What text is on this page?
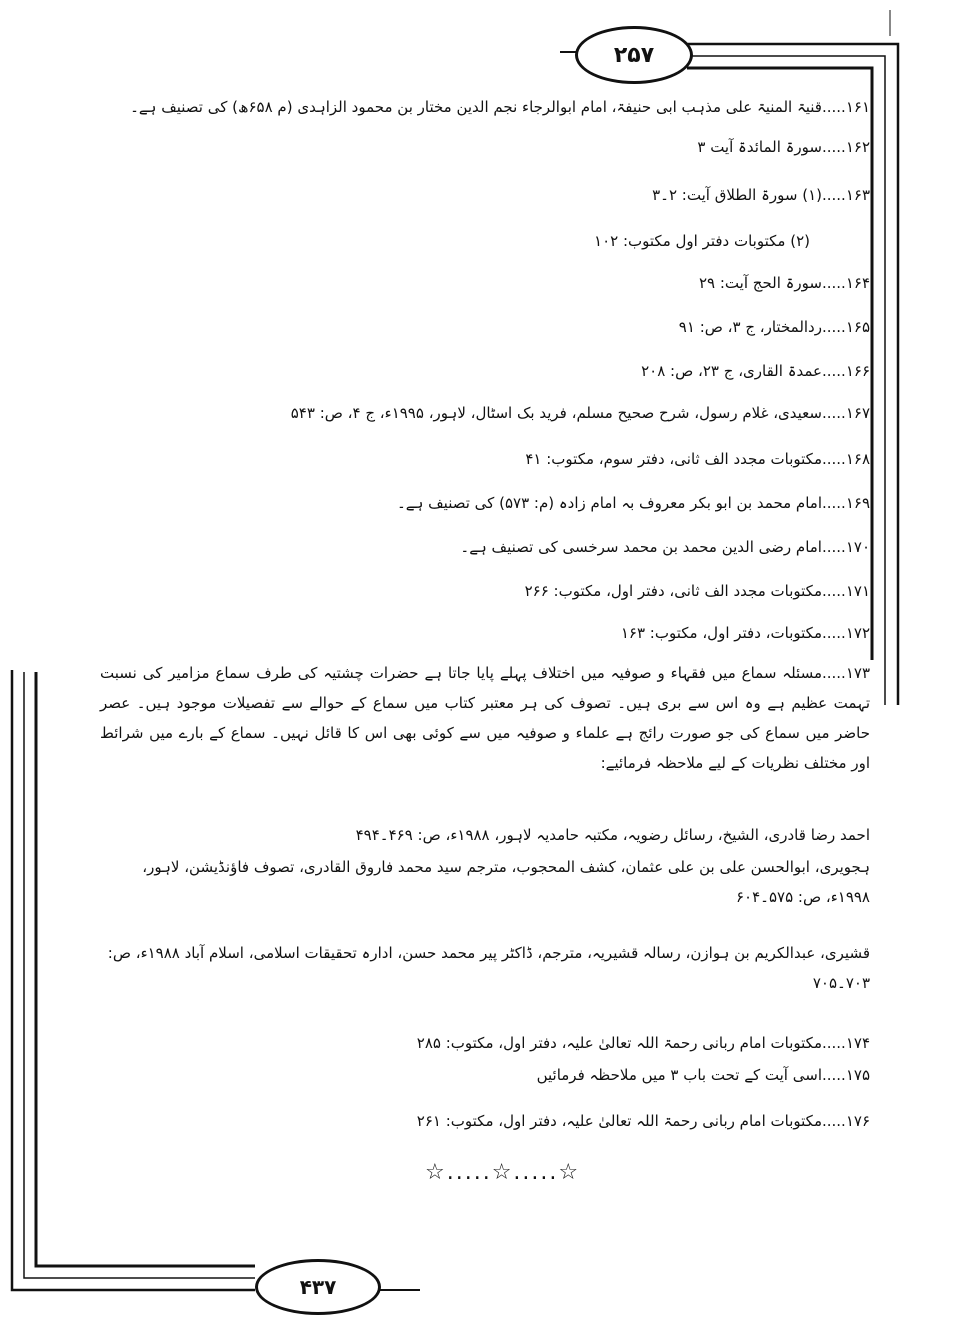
۲۵۷
۴۳۷
۱۶۱.....قنیۃ المنیۃ علی مذہب ابی حنیفۃ، امام ابوالرجاء نجم الدین مختار بن محمود الزاہدی (م ۶۵۸ھ) کی تصنیف ہے۔
۱۶۲.....سورۃ المائدۃ آیت ۳
۱۶۳.....(۱) سورۃ الطلاق آیت: ۲۔۳
(۲) مکتوبات دفتر اول مکتوب: ۱۰۲
۱۶۴.....سورۃ الحج آیت: ۲۹
۱۶۵.....ردالمختار، ج ۳، ص: ۹۱
۱۶۶.....عمدۃ القاری، ج ۲۳، ص: ۲۰۸
۱۶۷.....سعیدی، غلام رسول، شرح صحیح مسلم، فرید بک اسٹال، لاہور، ۱۹۹۵ء، ج ۴، ص: ۵۴۳
۱۶۸.....مکتوبات مجدد الف ثانی، دفتر سوم، مکتوب: ۴۱
۱۶۹.....امام محمد بن ابو بکر معروف بہ امام زادہ (م: ۵۷۳) کی تصنیف ہے۔
۱۷۰.....امام رضی الدین محمد بن محمد سرخسی کی تصنیف ہے۔
۱۷۱.....مکتوبات مجدد الف ثانی، دفتر اول، مکتوب: ۲۶۶
۱۷۲.....مکتوبات، دفتر اول، مکتوب: ۱۶۳
۱۷۳.....مسئلہ سماع میں فقہاء و صوفیہ میں اختلاف پہلے پایا جاتا ہے حضرات چشتیہ کی طرف سماع مزامیر کی نسبت تہمت عظیم ہے وہ اس سے بری ہیں۔ تصوف کی ہر معتبر کتاب میں سماع کے حوالے سے تفصیلات موجود ہیں۔ عصر حاضر میں سماع کی جو صورت رائج ہے علماء و صوفیہ میں سے کوئی بھی اس کا قائل نہیں۔ سماع کے بارے میں شرائط اور مختلف نظریات کے لیے ملاحظہ فرمائیے:
احمد رضا قادری، الشیخ، رسائل رضویہ، مکتبہ حامدیہ لاہور، ۱۹۸۸ء، ص: ۴۶۹۔۴۹۴
ہجویری، ابوالحسن علی بن علی عثمان، کشف المحجوب، مترجم سید محمد فاروق القادری، تصوف فاؤنڈیشن، لاہور، ۱۹۹۸ء، ص: ۵۷۵۔۶۰۴
قشیری، عبدالکریم بن ہوازن، رسالہ قشیریہ، مترجم، ڈاکٹر پیر محمد حسن، ادارہ تحقیقات اسلامی، اسلام آباد ۱۹۸۸ء، ص: ۷۰۳۔۷۰۵
۱۷۴.....مکتوبات امام ربانی رحمۃ اللہ تعالیٰ علیہ، دفتر اول، مکتوب: ۲۸۵
۱۷۵.....اسی آیت کے تحت باب ۳ میں ملاحظہ فرمائیں
۱۷۶.....مکتوبات امام ربانی رحمۃ اللہ تعالیٰ علیہ، دفتر اول، مکتوب: ۲۶۱
☆.....☆.....☆
